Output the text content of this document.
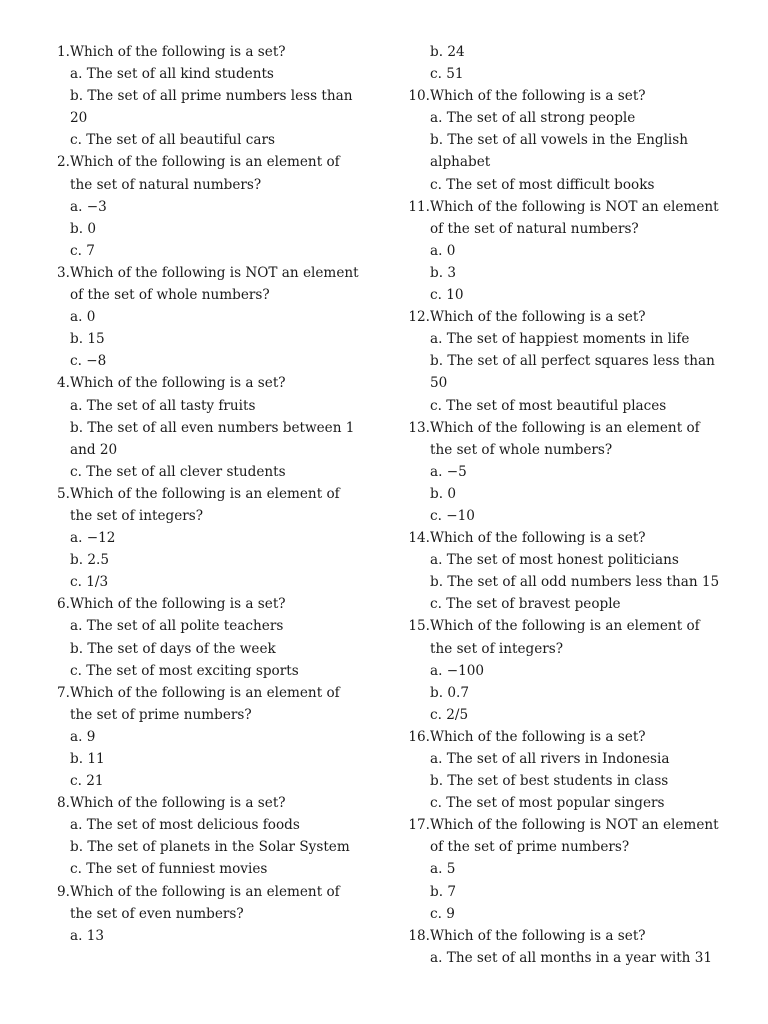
1. Which of the following is a set?
a. The set of all kind students
b. The set of all prime numbers less than
20
c. The set of all beautiful cars
2. Which of the following is an element of
the set of natural numbers?
a. −3
b. 0
c. 7
3. Which of the following is NOT an element
of the set of whole numbers?
a. 0
b. 15
c. −8
4. Which of the following is a set?
a. The set of all tasty fruits
b. The set of all even numbers between 1
and 20
c. The set of all clever students
5. Which of the following is an element of
the set of integers?
a. −12
b. 2.5
c. 1/3
6. Which of the following is a set?
a. The set of all polite teachers
b. The set of days of the week
c. The set of most exciting sports
7. Which of the following is an element of
the set of prime numbers?
a. 9
b. 11
c. 21
8. Which of the following is a set?
a. The set of most delicious foods
b. The set of planets in the Solar System
c. The set of funniest movies
9. Which of the following is an element of
the set of even numbers?
a. 13
b. 24
c. 51
10. Which of the following is a set?
a. The set of all strong people
b. The set of all vowels in the English
alphabet
c. The set of most difficult books
11. Which of the following is NOT an element
of the set of natural numbers?
a. 0
b. 3
c. 10
12. Which of the following is a set?
a. The set of happiest moments in life
b. The set of all perfect squares less than
50
c. The set of most beautiful places
13. Which of the following is an element of
the set of whole numbers?
a. −5
b. 0
c. −10
14. Which of the following is a set?
a. The set of most honest politicians
b. The set of all odd numbers less than 15
c. The set of bravest people
15. Which of the following is an element of
the set of integers?
a. −100
b. 0.7
c. 2/5
16. Which of the following is a set?
a. The set of all rivers in Indonesia
b. The set of best students in class
c. The set of most popular singers
17. Which of the following is NOT an element
of the set of prime numbers?
a. 5
b. 7
c. 9
18. Which of the following is a set?
a. The set of all months in a year with 31
